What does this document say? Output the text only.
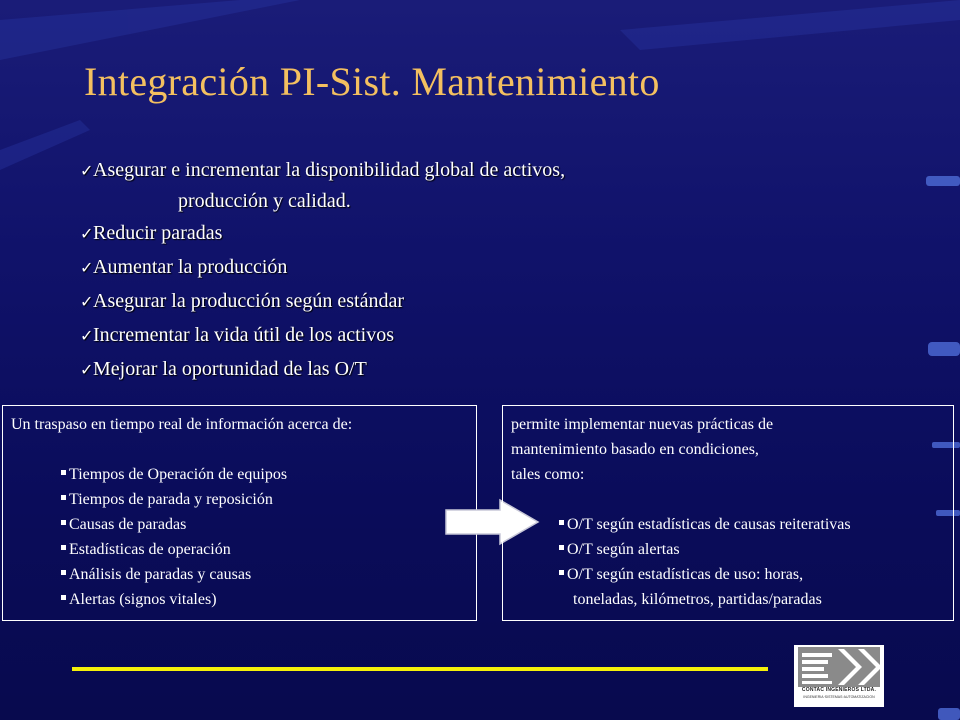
Integración PI-Sist. Mantenimiento
✓Asegurar e incrementar la disponibilidad global de activos,
producción y calidad.
✓Reducir paradas
✓Aumentar la producción
✓Asegurar la producción según estándar
✓Incrementar la vida útil de los activos
✓Mejorar la oportunidad de las O/T

Un traspaso en tiempo real de información acerca de:

Tiempos de Operación de equipos
Tiempos de parada y reposición
Causas de paradas
Estadísticas de operación
Análisis de paradas y causas
Alertas (signos vitales)

permite implementar nuevas prácticas de

mantenimiento basado en condiciones,

tales como:

O/T según estadísticas de causas reiterativas
O/T según alertas
O/T según estadísticas de uso: horas,
toneladas, kilómetros, partidas/paradas
CONTAC INGENIEROS LTDA.
INGENIERIA·SISTEMAS·AUTOMATIZACION
